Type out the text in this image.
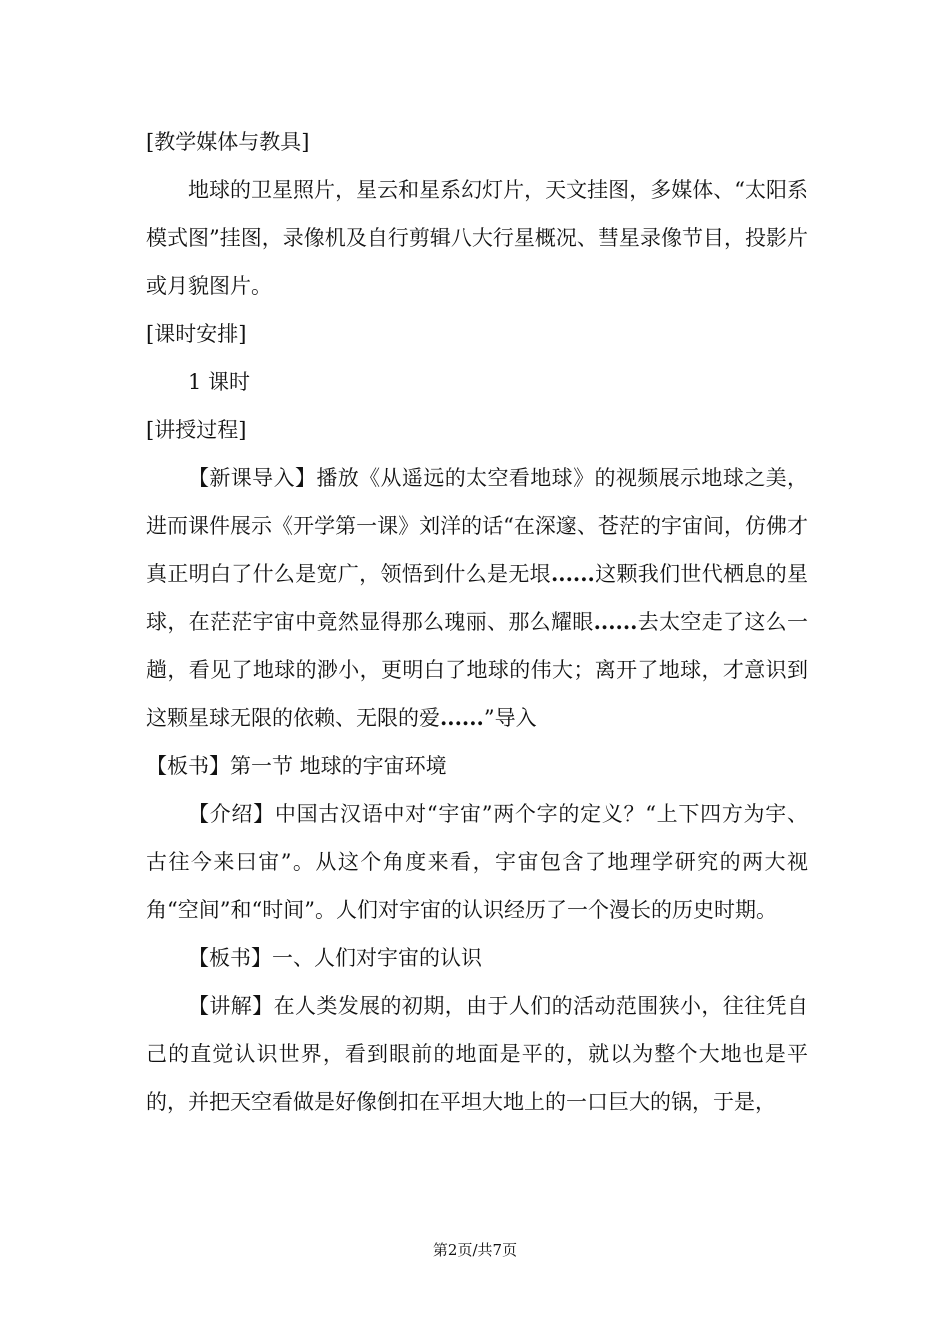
[教学媒体与教具]

地球的卫星照片，星云和星系幻灯片，天文挂图，多媒体、“太阳系模式图”挂图，录像机及自行剪辑八大行星概况、彗星录像节目，投影片或月貌图片。

[课时安排]

1 课时

[讲授过程]

【新课导入】播放《从遥远的太空看地球》的视频展示地球之美，进而课件展示《开学第一课》刘洋的话“在深邃、苍茫的宇宙间，仿佛才真正明白了什么是宽广，领悟到什么是无垠......这颗我们世代栖息的星球，在茫茫宇宙中竟然显得那么瑰丽、那么耀眼......去太空走了这么一趟，看见了地球的渺小，更明白了地球的伟大；离开了地球，才意识到这颗星球无限的依赖、无限的爱......”导入

【板书】第一节 地球的宇宙环境

【介绍】中国古汉语中对“宇宙”两个字的定义？“上下四方为宇、古往今来曰宙”。从这个角度来看，宇宙包含了地理学研究的两大视角“空间”和“时间”。人们对宇宙的认识经历了一个漫长的历史时期。

【板书】一、人们对宇宙的认识

【讲解】在人类发展的初期，由于人们的活动范围狭小，往往凭自己的直觉认识世界，看到眼前的地面是平的，就以为整个大地也是平的，并把天空看做是好像倒扣在平坦大地上的一口巨大的锅，于是，

第2页/共7页
